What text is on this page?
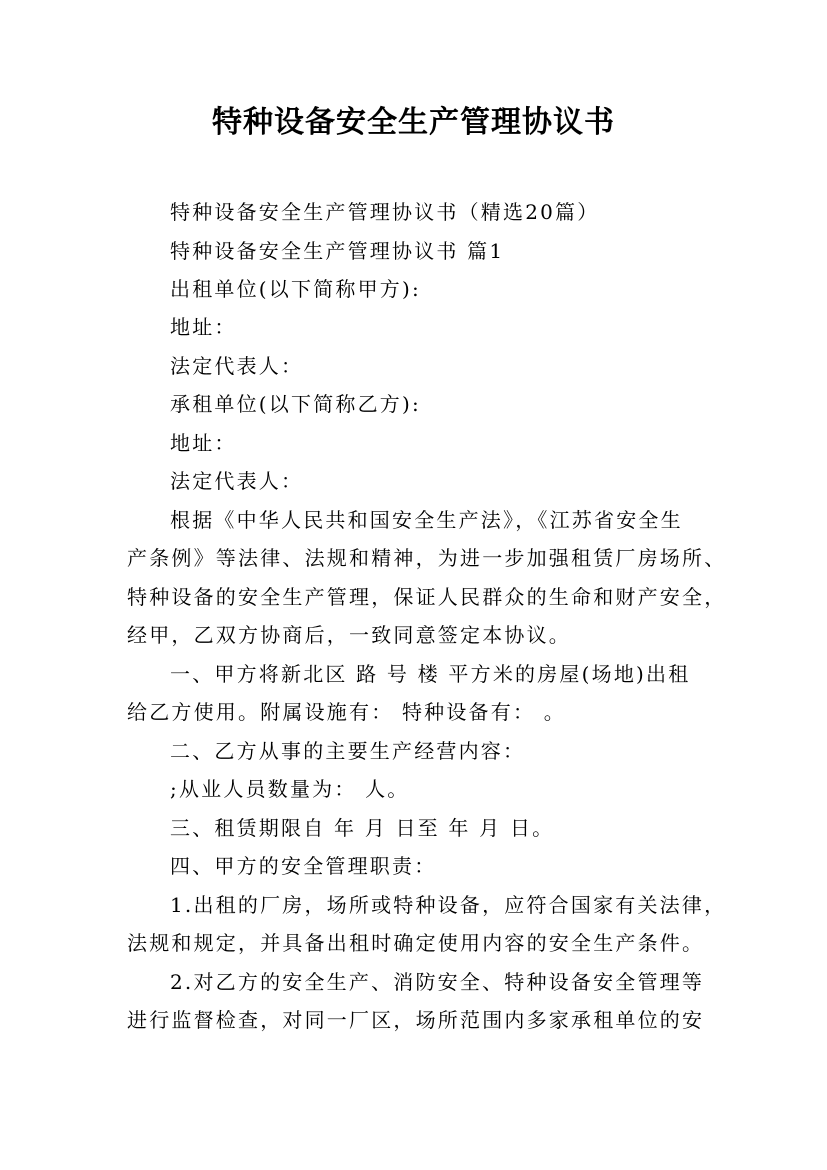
特种设备安全生产管理协议书
特种设备安全生产管理协议书（精选20篇）
特种设备安全生产管理协议书 篇1
出租单位(以下简称甲方):
地址：
法定代表人：
承租单位(以下简称乙方):
地址：
法定代表人：
根据《中华人民共和国安全生产法》，《江苏省安全生
产条例》等法律、法规和精神，为进一步加强租赁厂房场所、
特种设备的安全生产管理，保证人民群众的生命和财产安全，
经甲，乙双方协商后，一致同意签定本协议。
一、甲方将新北区 路 号 楼 平方米的房屋(场地)出租
给乙方使用。附属设施有： 特种设备有： 。
二、乙方从事的主要生产经营内容：
;从业人员数量为： 人。
三、租赁期限自 年 月 日至 年 月 日。
四、甲方的安全管理职责：
1.出租的厂房，场所或特种设备，应符合国家有关法律，
法规和规定，并具备出租时确定使用内容的安全生产条件。
2.对乙方的安全生产、消防安全、特种设备安全管理等
进行监督检查，对同一厂区，场所范围内多家承租单位的安
